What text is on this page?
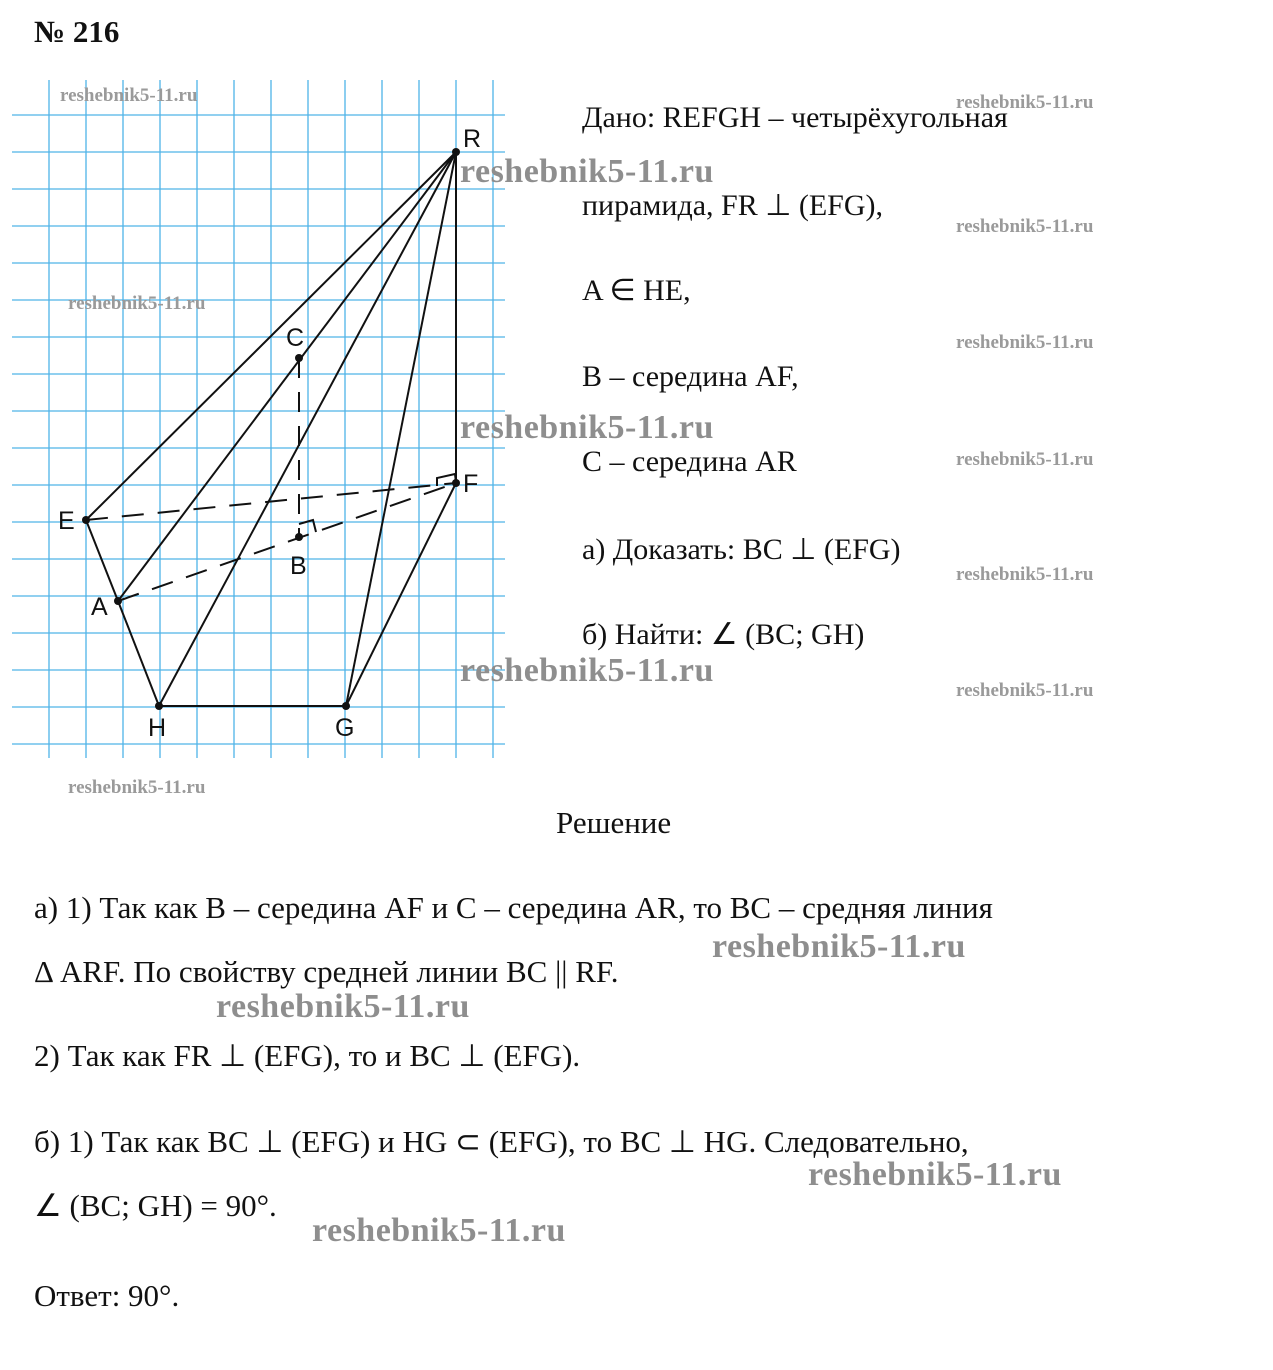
№ 216
R
E
A
H	G
F
B
C
Дано: REFGH – четырёхугольная
пирамида, FR ⊥ (EFG),
A ∈ HE,
B – середина AF,
C – середина AR
а) Доказать: BC ⊥ (EFG)
б) Найти: ∠ (BC; GH)
Решение
а) 1) Так как B – середина AF и C – середина AR, то BC – средняя линия
Δ ARF. По свойству средней линии BC || RF.
2) Так как FR ⊥ (EFG), то и BC ⊥ (EFG).
б) 1) Так как BC ⊥ (EFG) и HG ⊂ (EFG), то BC ⊥ HG. Следовательно,
∠ (BC; GH) = 90°.
Ответ: 90°.
reshebnik5-11.ru	reshebnik5-11.ru
reshebnik5-11.ru
reshebnik5-11.ru
reshebnik5-11.ru
reshebnik5-11.ru
reshebnik5-11.ru
reshebnik5-11.ru
reshebnik5-11.ru
reshebnik5-11.ru
reshebnik5-11.ru
reshebnik5-11.ru
reshebnik5-11.ru
reshebnik5-11.ru
reshebnik5-11.ru
reshebnik5-11.ru
